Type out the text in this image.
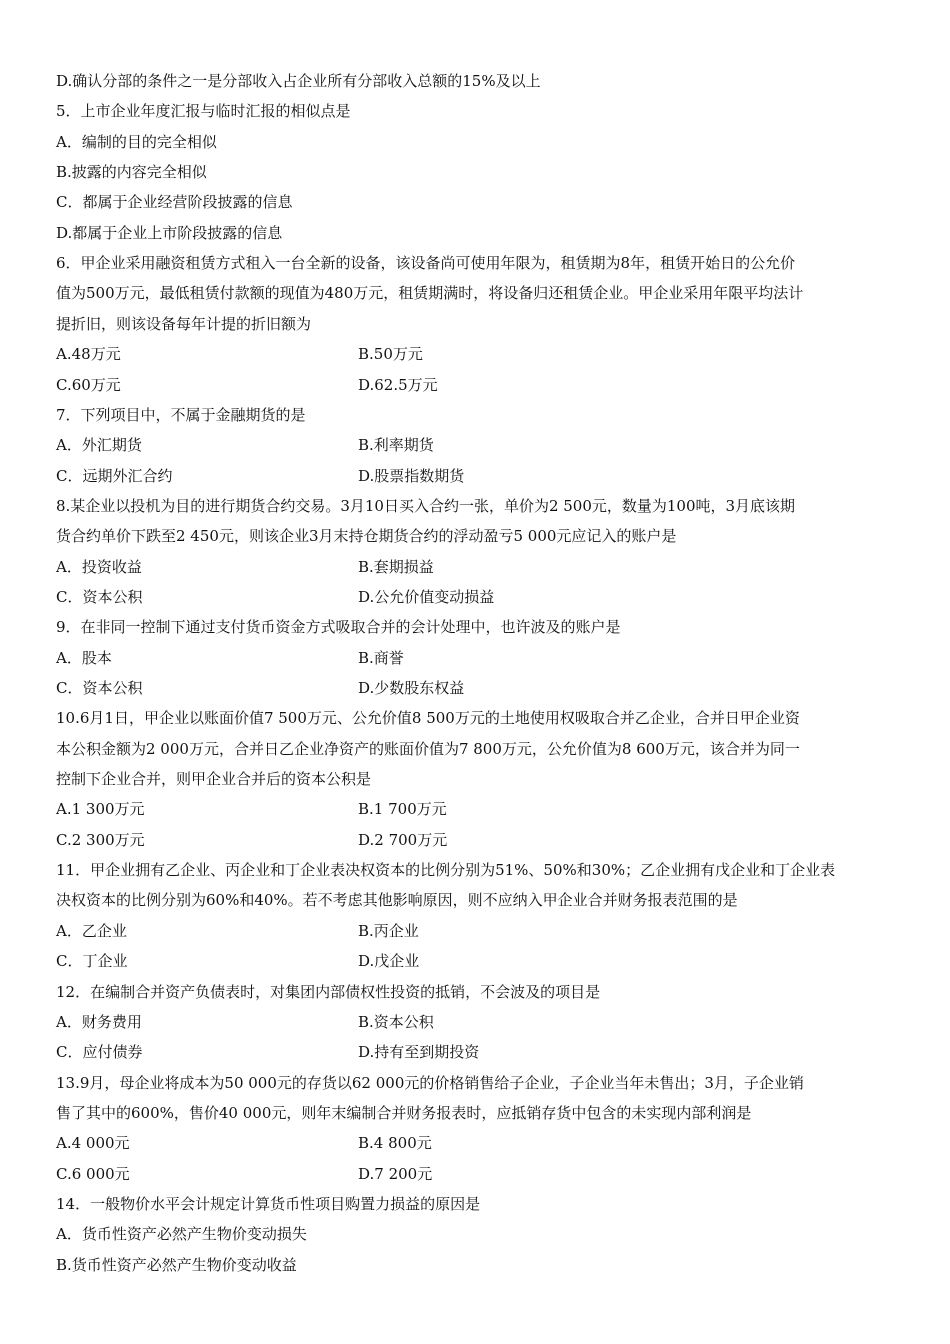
D.确认分部的条件之一是分部收入占企业所有分部收入总额的15%及以上
5．上市企业年度汇报与临时汇报的相似点是
A．编制的目的完全相似
B.披露的内容完全相似
C．都属于企业经营阶段披露的信息
D.都属于企业上市阶段披露的信息
6．甲企业采用融资租赁方式租入一台全新的设备，该设备尚可使用年限为，租赁期为8年，租赁开始日的公允价
值为500万元，最低租赁付款额的现值为480万元，租赁期满时，将设备归还租赁企业。甲企业采用年限平均法计
提折旧，则该设备每年计提的折旧额为
A.48万元	B.50万元
C.60万元	D.62.5万元
7．下列项目中，不属于金融期货的是
A．外汇期货	B.利率期货
C．远期外汇合约	D.股票指数期货
8.某企业以投机为目的进行期货合约交易。3月10日买入合约一张，单价为2 500元，数量为100吨，3月底该期
货合约单价下跌至2 450元，则该企业3月末持仓期货合约的浮动盈亏5 000元应记入的账户是
A．投资收益	B.套期损益
C．资本公积	D.公允价值变动损益
9．在非同一控制下通过支付货币资金方式吸取合并的会计处理中，也许波及的账户是
A．股本	B.商誉
C．资本公积	D.少数股东权益
10.6月1日，甲企业以账面价值7 500万元、公允价值8 500万元的土地使用权吸取合并乙企业，合并日甲企业资
本公积金额为2 000万元，合并日乙企业净资产的账面价值为7 800万元，公允价值为8 600万元，该合并为同一
控制下企业合并，则甲企业合并后的资本公积是
A.1 300万元	B.1 700万元
C.2 300万元	D.2 700万元
11．甲企业拥有乙企业、丙企业和丁企业表决权资本的比例分别为51%、50%和30%；乙企业拥有戊企业和丁企业表
决权资本的比例分别为60%和40%。若不考虑其他影响原因，则不应纳入甲企业合并财务报表范围的是
A．乙企业	B.丙企业
C．丁企业	D.戊企业
12．在编制合并资产负债表时，对集团内部债权性投资的抵销，不会波及的项目是
A．财务费用	B.资本公积
C．应付债券	D.持有至到期投资
13.9月，母企业将成本为50 000元的存货以62 000元的价格销售给子企业，子企业当年未售出；3月，子企业销
售了其中的600%，售价40 000元，则年末编制合并财务报表时，应抵销存货中包含的未实现内部利润是
A.4 000元	B.4 800元
C.6 000元	D.7 200元
14．一般物价水平会计规定计算货币性项目购置力损益的原因是
A．货币性资产必然产生物价变动损失
B.货币性资产必然产生物价变动收益
